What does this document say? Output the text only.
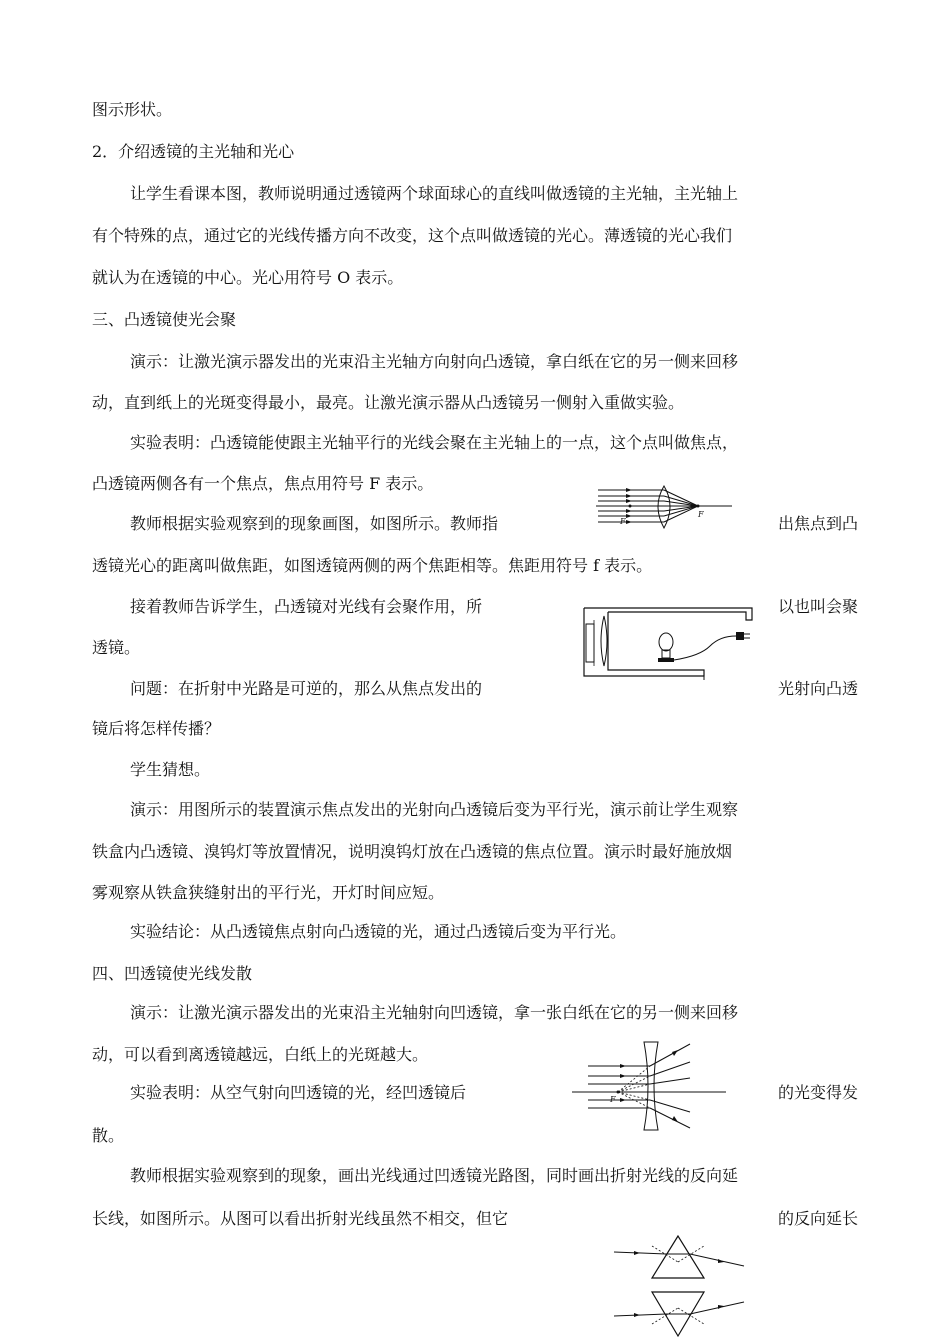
图示形状。
2．介绍透镜的主光轴和光心
让学生看课本图，教师说明通过透镜两个球面球心的直线叫做透镜的主光轴，主光轴上
有个特殊的点，通过它的光线传播方向不改变，这个点叫做透镜的光心。薄透镜的光心我们
就认为在透镜的中心。光心用符号 O 表示。
三、凸透镜使光会聚
演示：让激光演示器发出的光束沿主光轴方向射向凸透镜，拿白纸在它的另一侧来回移
动，直到纸上的光斑变得最小，最亮。让激光演示器从凸透镜另一侧射入重做实验。
实验表明：凸透镜能使跟主光轴平行的光线会聚在主光轴上的一点，这个点叫做焦点，
凸透镜两侧各有一个焦点，焦点用符号 F 表示。
教师根据实验观察到的现象画图，如图所示。教师指	出焦点到凸
透镜光心的距离叫做焦距，如图透镜两侧的两个焦距相等。焦距用符号 f 表示。
接着教师告诉学生，凸透镜对光线有会聚作用，所	以也叫会聚
透镜。
问题：在折射中光路是可逆的，那么从焦点发出的	光射向凸透
镜后将怎样传播？
学生猜想。
演示：用图所示的装置演示焦点发出的光射向凸透镜后变为平行光，演示前让学生观察
铁盒内凸透镜、溴钨灯等放置情况，说明溴钨灯放在凸透镜的焦点位置。演示时最好施放烟
雾观察从铁盒狭缝射出的平行光，开灯时间应短。
实验结论：从凸透镜焦点射向凸透镜的光，通过凸透镜后变为平行光。
四、凹透镜使光线发散
演示：让激光演示器发出的光束沿主光轴射向凹透镜，拿一张白纸在它的另一侧来回移
动，可以看到离透镜越远，白纸上的光斑越大。
实验表明：从空气射向凹透镜的光，经凹透镜后	的光变得发
散。
教师根据实验观察到的现象，画出光线通过凹透镜光路图，同时画出折射光线的反向延
长线，如图所示。从图可以看出折射光线虽然不相交，但它	的反向延长
F
F
F
